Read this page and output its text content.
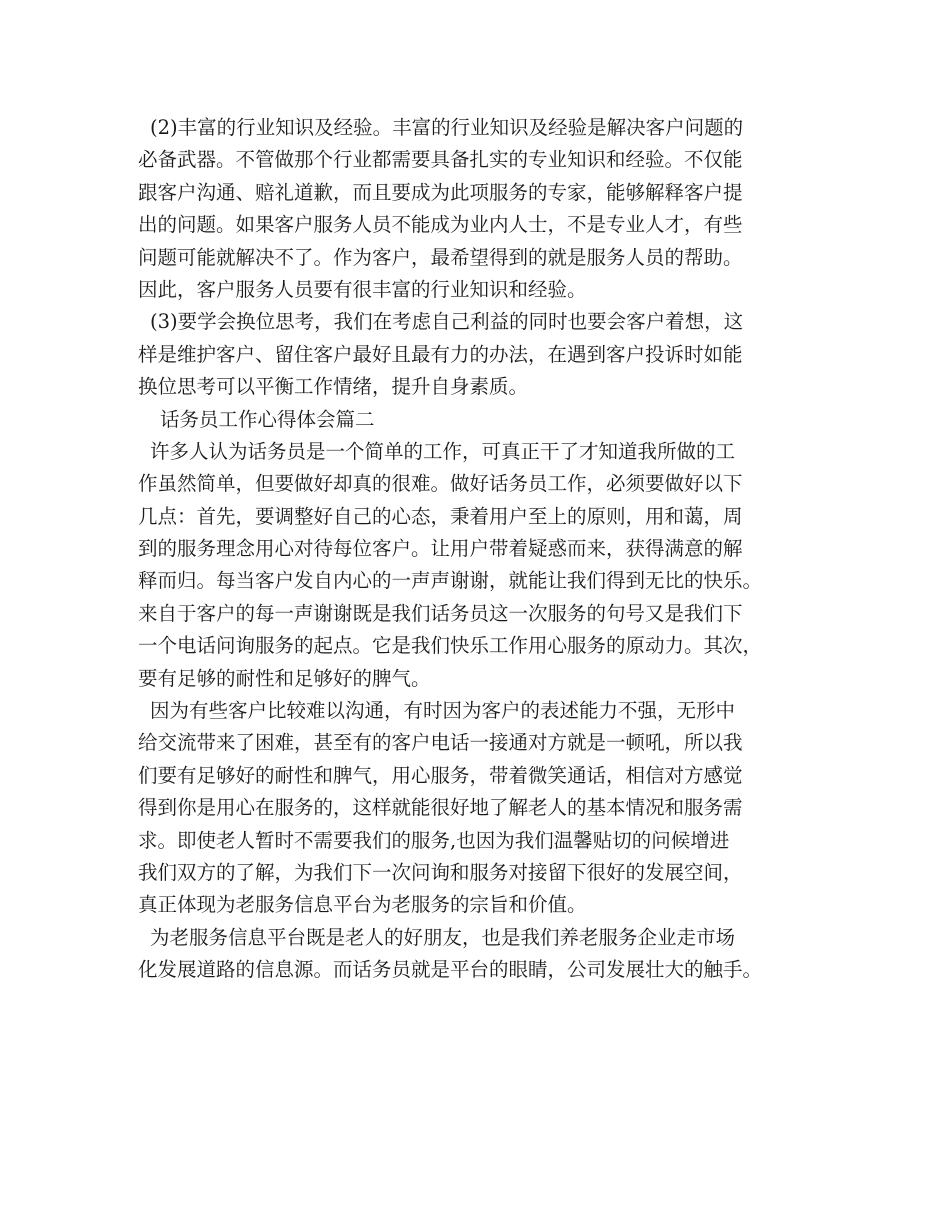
(2)丰富的行业知识及经验。丰富的行业知识及经验是解决客户问题的
必备武器。不管做那个行业都需要具备扎实的专业知识和经验。不仅能
跟客户沟通、赔礼道歉，而且要成为此项服务的专家，能够解释客户提
出的问题。如果客户服务人员不能成为业内人士，不是专业人才，有些
问题可能就解决不了。作为客户，最希望得到的就是服务人员的帮助。
因此，客户服务人员要有很丰富的行业知识和经验。
(3)要学会换位思考，我们在考虑自己利益的同时也要会客户着想，这
样是维护客户、留住客户最好且最有力的办法，在遇到客户投诉时如能
换位思考可以平衡工作情绪，提升自身素质。
话务员工作心得体会篇二
许多人认为话务员是一个简单的工作，可真正干了才知道我所做的工
作虽然简单，但要做好却真的很难。做好话务员工作，必须要做好以下
几点：首先，要调整好自己的心态，秉着用户至上的原则，用和蔼，周
到的服务理念用心对待每位客户。让用户带着疑惑而来，获得满意的解
释而归。每当客户发自内心的一声声谢谢，就能让我们得到无比的快乐。
来自于客户的每一声谢谢既是我们话务员这一次服务的句号又是我们下
一个电话问询服务的起点。它是我们快乐工作用心服务的原动力。其次，
要有足够的耐性和足够好的脾气。
因为有些客户比较难以沟通，有时因为客户的表述能力不强，无形中
给交流带来了困难，甚至有的客户电话一接通对方就是一顿吼，所以我
们要有足够好的耐性和脾气，用心服务，带着微笑通话，相信对方感觉
得到你是用心在服务的，这样就能很好地了解老人的基本情况和服务需
求。即使老人暂时不需要我们的服务,也因为我们温馨贴切的问候增进
我们双方的了解，为我们下一次问询和服务对接留下很好的发展空间，
真正体现为老服务信息平台为老服务的宗旨和价值。
为老服务信息平台既是老人的好朋友，也是我们养老服务企业走市场
化发展道路的信息源。而话务员就是平台的眼睛，公司发展壮大的触手。
